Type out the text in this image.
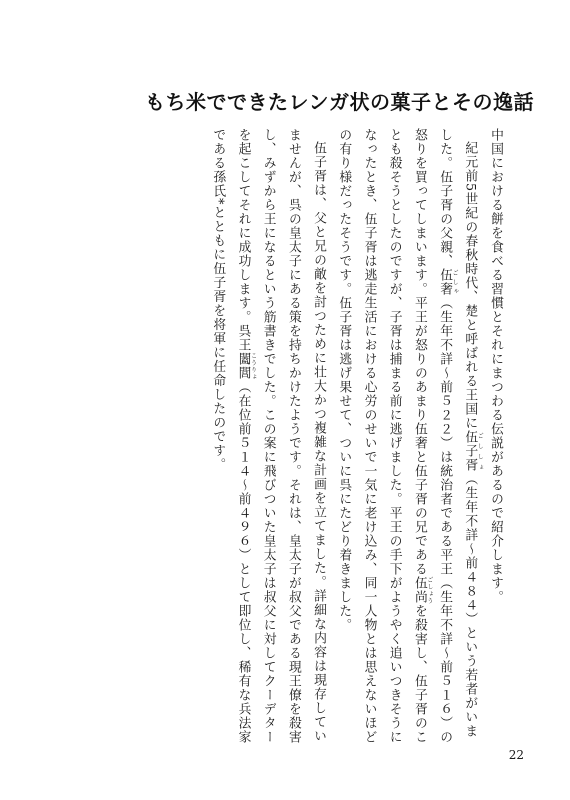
もち米でできたレンガ状の菓子とその逸話

中国における餅を食べる習慣とそれにまつわる伝説があるので紹介します。

紀元前5世紀の春秋時代、楚と呼ばれる王国に伍子胥 ごししょ（生年不詳〜前４８４）という若者がいました。伍子胥の父親、伍奢 ごしゃ（生年不詳〜前５２２）は統治者である平王（生年不詳〜前５１６）の怒りを買ってしまいます。平王が怒りのあまり伍奢と伍子胥の兄である伍尚 ごしょうを殺害し、伍子胥のことも殺そうとしたのですが、子胥は捕まる前に逃げました。平王の手下がようやく追いつきそうになったとき、伍子胥は逃走生活における心労のせいで一気に老け込み、同一人物とは思えないほどの有り様だったそうです。伍子胥は逃げ果せて、ついに呉にたどり着きました。

伍子胥は、父と兄の敵を討つために壮大かつ複雑な計画を立てました。詳細な内容は現存していませんが、呉の皇太子にある策を持ちかけたようです。それは、皇太子が叔父である現王僚を殺害し、みずから王になるという筋書きでした。この案に飛びついた皇太子は叔父に対してクーデターを起こしてそれに成功します。呉王闔閭 こうりょ（在位前５１４〜前４９６）として即位し、稀有な兵法家である孫氏*とともに伍子胥を将軍に任命したのです。

22
